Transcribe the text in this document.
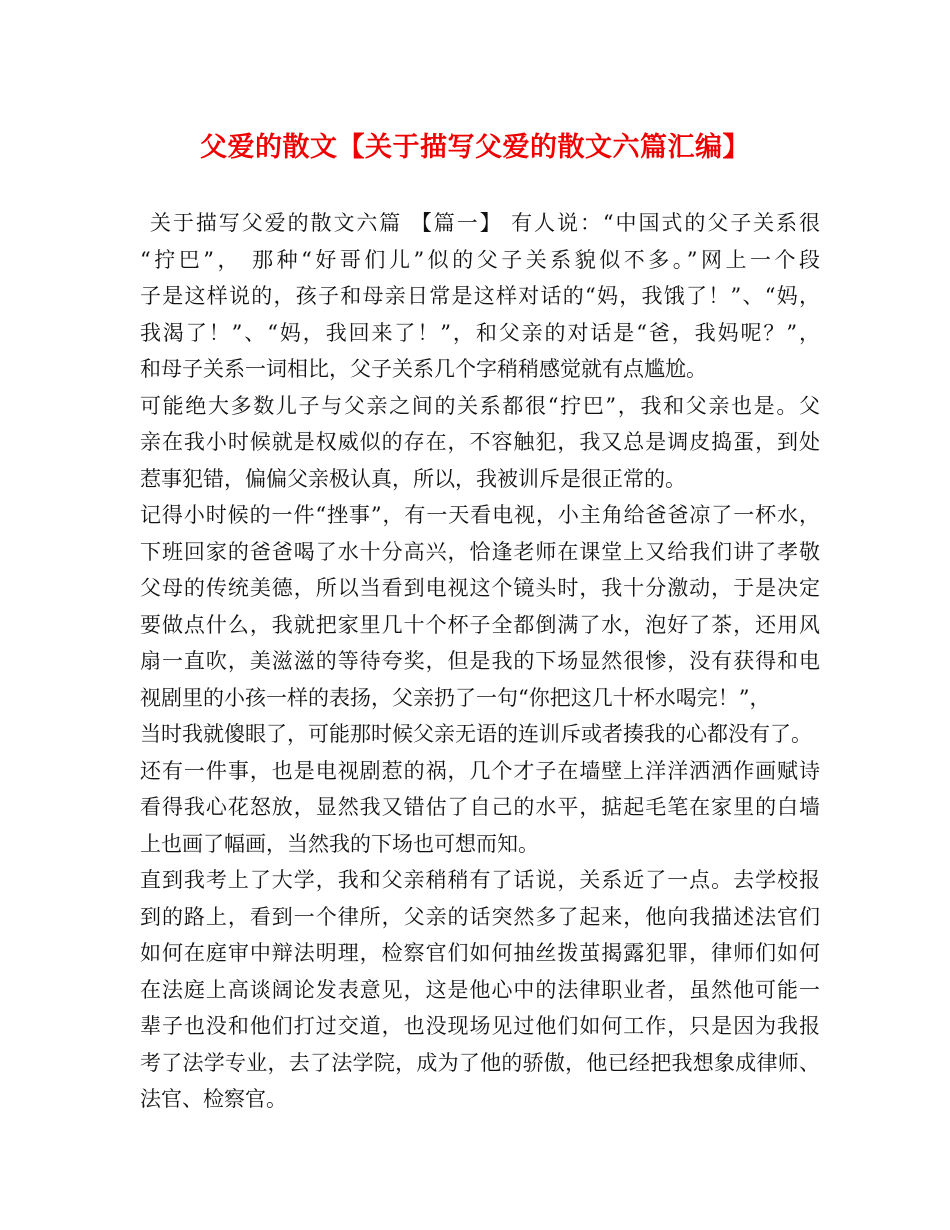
父爱的散文【关于描写父爱的散文六篇汇编】
关于描写父爱的散文六篇 【篇一】 有人说：“中国式的父子关系很
“拧巴”， 那种“好哥们儿”似的父子关系貌似不多。”网上一个段
子是这样说的，孩子和母亲日常是这样对话的“妈，我饿了！”、“妈，
我渴了！”、“妈，我回来了！”，和父亲的对话是“爸，我妈呢？”，
和母子关系一词相比，父子关系几个字稍稍感觉就有点尴尬。
可能绝大多数儿子与父亲之间的关系都很“拧巴”，我和父亲也是。父
亲在我小时候就是权威似的存在，不容触犯，我又总是调皮捣蛋，到处
惹事犯错，偏偏父亲极认真，所以，我被训斥是很正常的。
记得小时候的一件“挫事”，有一天看电视，小主角给爸爸凉了一杯水，
下班回家的爸爸喝了水十分高兴，恰逢老师在课堂上又给我们讲了孝敬
父母的传统美德，所以当看到电视这个镜头时，我十分激动，于是决定
要做点什么，我就把家里几十个杯子全都倒满了水，泡好了茶，还用风
扇一直吹，美滋滋的等待夸奖，但是我的下场显然很惨，没有获得和电
视剧里的小孩一样的表扬，父亲扔了一句“你把这几十杯水喝完！”，
当时我就傻眼了，可能那时候父亲无语的连训斥或者揍我的心都没有了。
还有一件事，也是电视剧惹的祸，几个才子在墙壁上洋洋洒洒作画赋诗
看得我心花怒放，显然我又错估了自己的水平，掂起毛笔在家里的白墙
上也画了幅画，当然我的下场也可想而知。
直到我考上了大学，我和父亲稍稍有了话说，关系近了一点。去学校报
到的路上，看到一个律所，父亲的话突然多了起来，他向我描述法官们
如何在庭审中辩法明理，检察官们如何抽丝拨茧揭露犯罪，律师们如何
在法庭上高谈阔论发表意见，这是他心中的法律职业者，虽然他可能一
辈子也没和他们打过交道，也没现场见过他们如何工作，只是因为我报
考了法学专业，去了法学院，成为了他的骄傲，他已经把我想象成律师、
法官、检察官。
